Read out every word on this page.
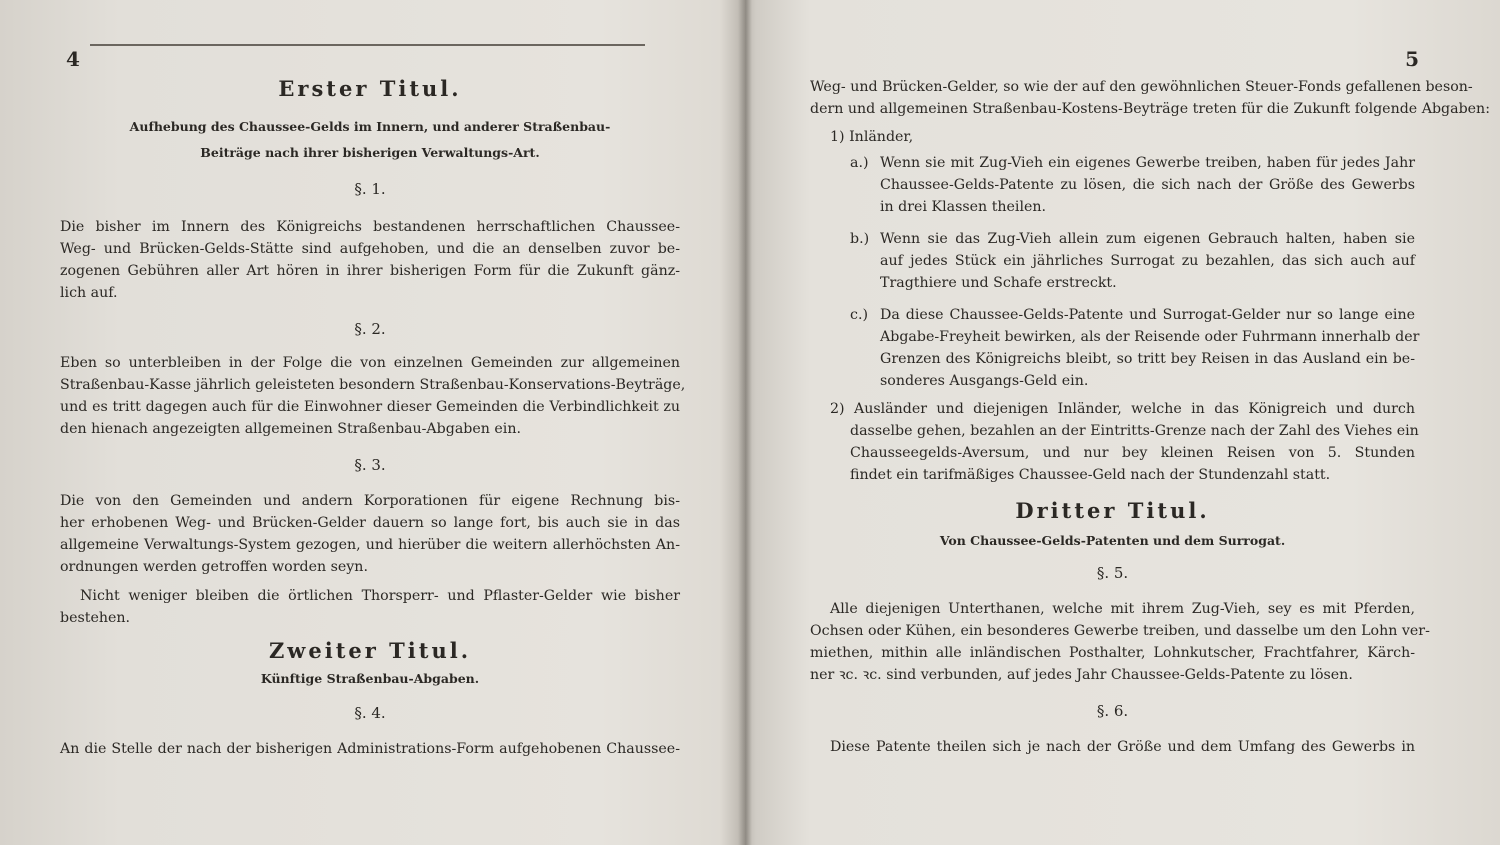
4
Erster Titul.
Aufhebung des Chaussee-Gelds im Innern, und anderer Straßenbau-
Beiträge nach ihrer bisherigen Verwaltungs-Art.
§. 1.
Die bisher im Innern des Königreichs bestandenen herrschaftlichen Chaussee-
Weg- und Brücken-Gelds-Stätte sind aufgehoben, und die an denselben zuvor be-
zogenen Gebühren aller Art hören in ihrer bisherigen Form für die Zukunft gänz-
lich auf.
§. 2.
Eben so unterbleiben in der Folge die von einzelnen Gemeinden zur allgemeinen
Straßenbau-Kasse jährlich geleisteten besondern Straßenbau-Konservations-Beyträge,
und es tritt dagegen auch für die Einwohner dieser Gemeinden die Verbindlichkeit zu
den hienach angezeigten allgemeinen Straßenbau-Abgaben ein.
§. 3.
Die von den Gemeinden und andern Korporationen für eigene Rechnung bis-
her erhobenen Weg- und Brücken-Gelder dauern so lange fort, bis auch sie in das
allgemeine Verwaltungs-System gezogen, und hierüber die weitern allerhöchsten An-
ordnungen werden getroffen worden seyn.
Nicht weniger bleiben die örtlichen Thorsperr- und Pflaster-Gelder wie bisher
bestehen.
Zweiter Titul.
Künftige Straßenbau-Abgaben.
§. 4.
An die Stelle der nach der bisherigen Administrations-Form aufgehobenen Chaussee-
5
Weg- und Brücken-Gelder, so wie der auf den gewöhnlichen Steuer-Fonds gefallenen beson-
dern und allgemeinen Straßenbau-Kostens-Beyträge treten für die Zukunft folgende Abgaben:
1) Inländer,
a.) Wenn sie mit Zug-Vieh ein eigenes Gewerbe treiben, haben für jedes Jahr
Chaussee-Gelds-Patente zu lösen, die sich nach der Größe des Gewerbs
in drei Klassen theilen.
b.) Wenn sie das Zug-Vieh allein zum eigenen Gebrauch halten, haben sie
auf jedes Stück ein jährliches Surrogat zu bezahlen, das sich auch auf
Tragthiere und Schafe erstreckt.
c.) Da diese Chaussee-Gelds-Patente und Surrogat-Gelder nur so lange eine
Abgabe-Freyheit bewirken, als der Reisende oder Fuhrmann innerhalb der
Grenzen des Königreichs bleibt, so tritt bey Reisen in das Ausland ein be-
sonderes Ausgangs-Geld ein.
2) Ausländer und diejenigen Inländer, welche in das Königreich und durch
dasselbe gehen, bezahlen an der Eintritts-Grenze nach der Zahl des Viehes ein
Chausseegelds-Aversum, und nur bey kleinen Reisen von 5. Stunden
findet ein tarifmäßiges Chaussee-Geld nach der Stundenzahl statt.
Dritter Titul.
Von Chaussee-Gelds-Patenten und dem Surrogat.
§. 5.
Alle diejenigen Unterthanen, welche mit ihrem Zug-Vieh, sey es mit Pferden,
Ochsen oder Kühen, ein besonderes Gewerbe treiben, und dasselbe um den Lohn ver-
miethen, mithin alle inländischen Posthalter, Lohnkutscher, Frachtfahrer, Kärch-
ner ꝛc. ꝛc. sind verbunden, auf jedes Jahr Chaussee-Gelds-Patente zu lösen.
§. 6.
Diese Patente theilen sich je nach der Größe und dem Umfang des Gewerbs in
